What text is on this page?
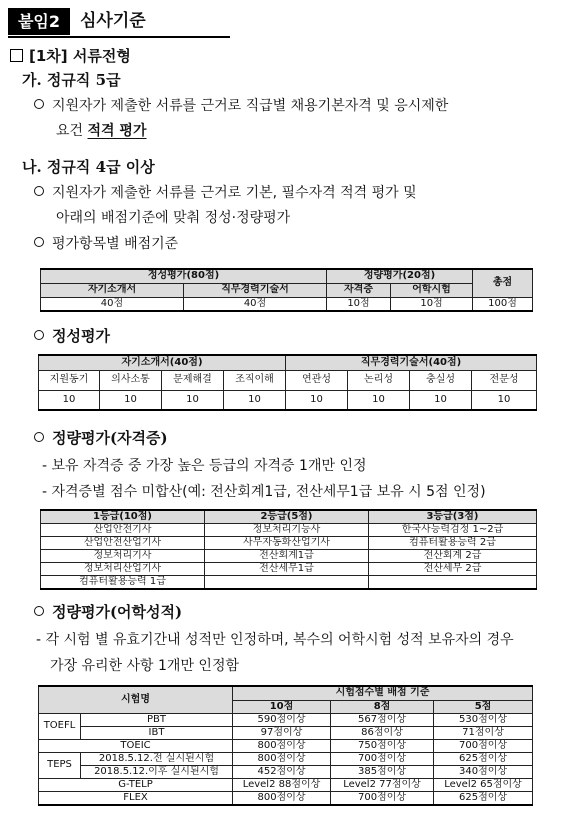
붙임2	심사기준
[1차] 서류전형
가. 정규직 5급
지원자가 제출한 서류를 근거로 직급별 채용기본자격 및 응시제한
요건 적격 평가
나. 정규직 4급 이상
지원자가 제출한 서류를 근거로 기본, 필수자격 적격 평가 및
아래의 배점기준에 맞춰 정성·정량평가
평가항목별 배점기준
정성평가(80점)		정량평가(20점)		총점
자기소개서	직무경력기술서	자격증	어학시험	
40점	40점	10점	10점	100점
정성평가
자기소개서(40점)				직무경력기술서(40점)			
지원동기	의사소통	문제해결	조직이해	연관성	논리성	충실성	전문성
10	10	10	10	10	10	10	10
정량평가(자격증)
- 보유 자격증 중 가장 높은 등급의 자격증 1개만 인정
- 자격증별 점수 미합산(예: 전산회계1급, 전산세무1급 보유 시 5점 인정)
1등급(10점)	2등급(5점)	3등급(3점)
산업안전기사	정보처리기능사	한국사능력검정 1~2급
산업안전산업기사	사무자동화산업기사	컴퓨터활용능력 2급
정보처리기사	전산회계1급	전산회계 2급
정보처리산업기사	전산세무1급	전산세무 2급
컴퓨터활용능력 1급		
정량평가(어학성적)
- 각 시험 별 유효기간내 성적만 인정하며, 복수의 어학시험 성적 보유자의 경우
가장 유리한 사항 1개만 인정함
시험명		시험점수별 배점 기준		
		10점	8점	5점
TOEFL	PBT	590점이상	567점이상	530점이상
	IBT	97점이상	86점이상	71점이상
TOEIC		800점이상	750점이상	700점이상
TEPS	2018.5.12.전 실시된시험	800점이상	700점이상	625점이상
	2018.5.12.이후 실시된시험	452점이상	385점이상	340점이상
G-TELP		Level2 88점이상	Level2 77점이상	Level2 65점이상
FLEX		800점이상	700점이상	625점이상
